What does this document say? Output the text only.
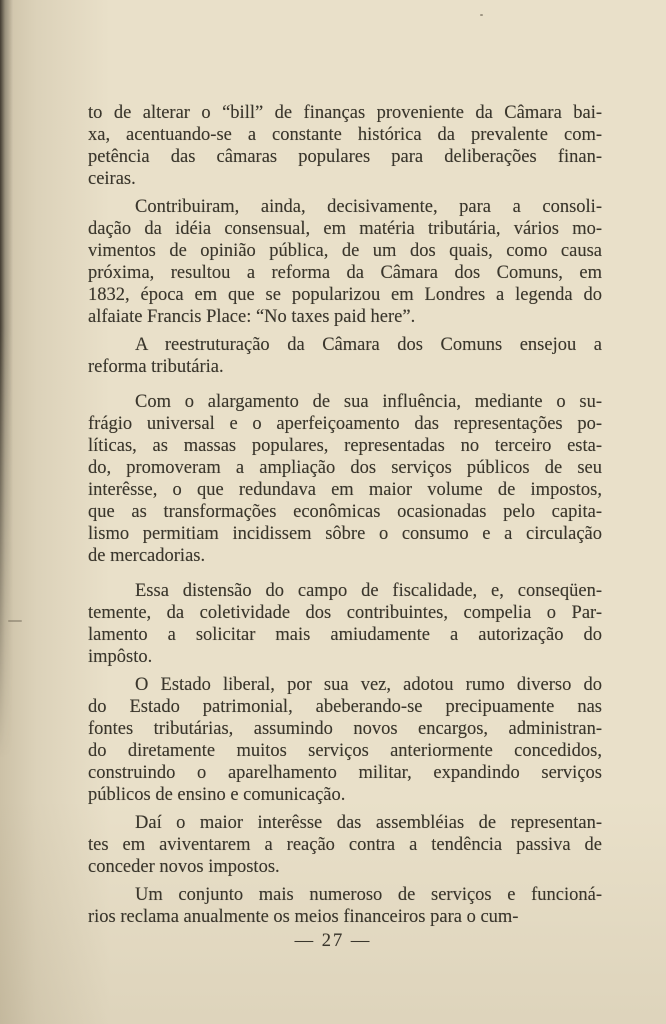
to de alterar o “bill” de finanças proveniente da Câmara bai-
xa, acentuando-se a constante histórica da prevalente com-
petência das câmaras populares para deliberações finan-
ceiras.
Contribuiram, ainda, decisivamente, para a consoli-
dação da idéia consensual, em matéria tributária, vários mo-
vimentos de opinião pública, de um dos quais, como causa
próxima, resultou a reforma da Câmara dos Comuns, em
1832, época em que se popularizou em Londres a legenda do
alfaiate Francis Place: “No taxes paid here”.
A reestruturação da Câmara dos Comuns ensejou a
reforma tributária.
Com o alargamento de sua influência, mediante o su-
frágio universal e o aperfeiçoamento das representações po-
líticas, as massas populares, representadas no terceiro esta-
do, promoveram a ampliação dos serviços públicos de seu
interêsse, o que redundava em maior volume de impostos,
que as transformações econômicas ocasionadas pelo capita-
lismo permitiam incidissem sôbre o consumo e a circulação
de mercadorias.
Essa distensão do campo de fiscalidade, e, conseqüen-
temente, da coletividade dos contribuintes, compelia o Par-
lamento a solicitar mais amiudamente a autorização do
impôsto.
O Estado liberal, por sua vez, adotou rumo diverso do
do Estado patrimonial, abeberando-se precipuamente nas
fontes tributárias, assumindo novos encargos, administran-
do diretamente muitos serviços anteriormente concedidos,
construindo o aparelhamento militar, expandindo serviços
públicos de ensino e comunicação.
Daí o maior interêsse das assembléias de representan-
tes em aviventarem a reação contra a tendência passiva de
conceder novos impostos.
Um conjunto mais numeroso de serviços e funcioná-
rios reclama anualmente os meios financeiros para o cum-
— 27 —
